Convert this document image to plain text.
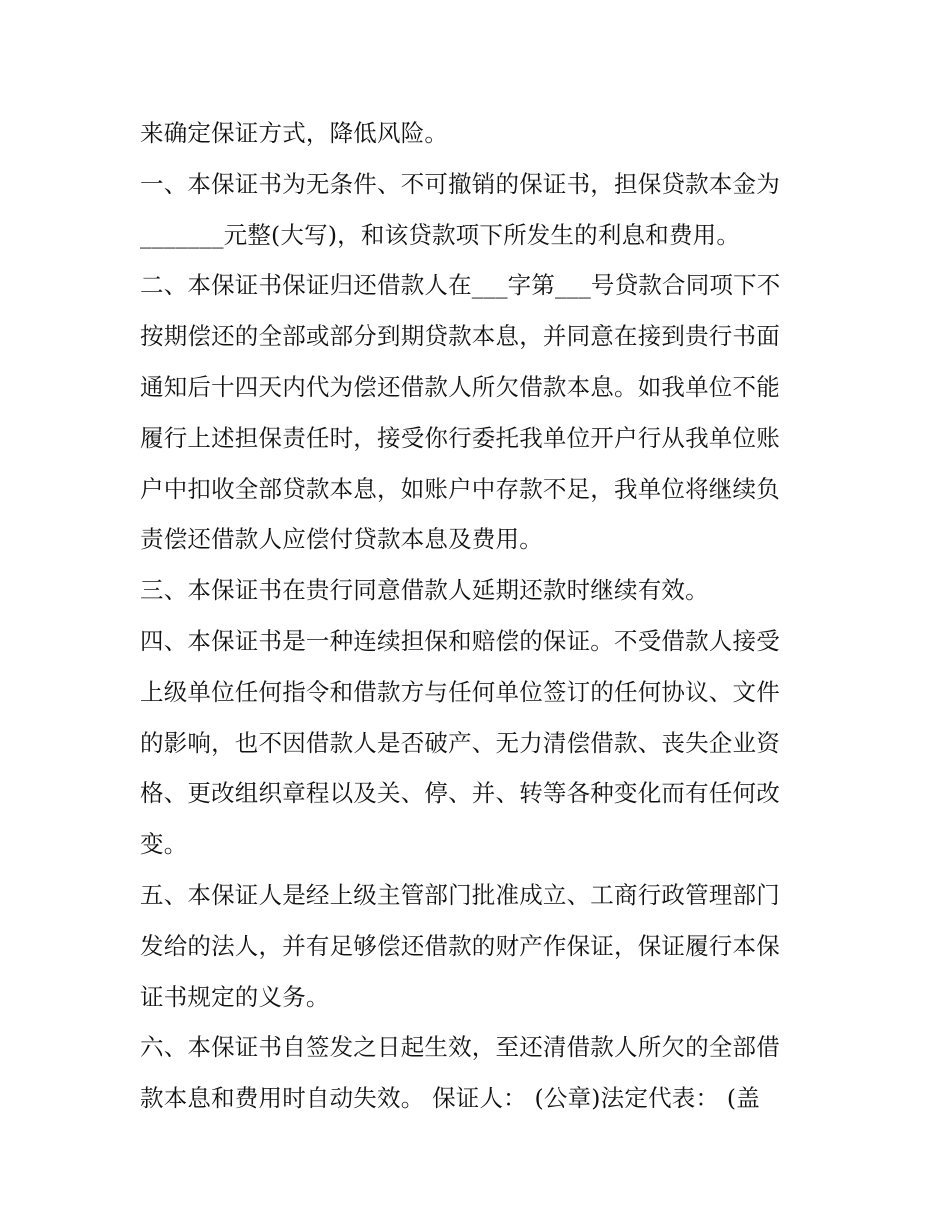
来确定保证方式，降低风险。
一、本保证书为无条件、不可撤销的保证书，担保贷款本金为
_______元整(大写)，和该贷款项下所发生的利息和费用。
二、本保证书保证归还借款人在___字第___号贷款合同项下不
按期偿还的全部或部分到期贷款本息，并同意在接到贵行书面
通知后十四天内代为偿还借款人所欠借款本息。如我单位不能
履行上述担保责任时，接受你行委托我单位开户行从我单位账
户中扣收全部贷款本息，如账户中存款不足，我单位将继续负
责偿还借款人应偿付贷款本息及费用。
三、本保证书在贵行同意借款人延期还款时继续有效。
四、本保证书是一种连续担保和赔偿的保证。不受借款人接受
上级单位任何指令和借款方与任何单位签订的任何协议、文件
的影响，也不因借款人是否破产、无力清偿借款、丧失企业资
格、更改组织章程以及关、停、并、转等各种变化而有任何改
变。
五、本保证人是经上级主管部门批准成立、工商行政管理部门
发给的法人，并有足够偿还借款的财产作保证，保证履行本保
证书规定的义务。
六、本保证书自签发之日起生效，至还清借款人所欠的全部借
款本息和费用时自动失效。 保证人： (公章)法定代表： (盖
